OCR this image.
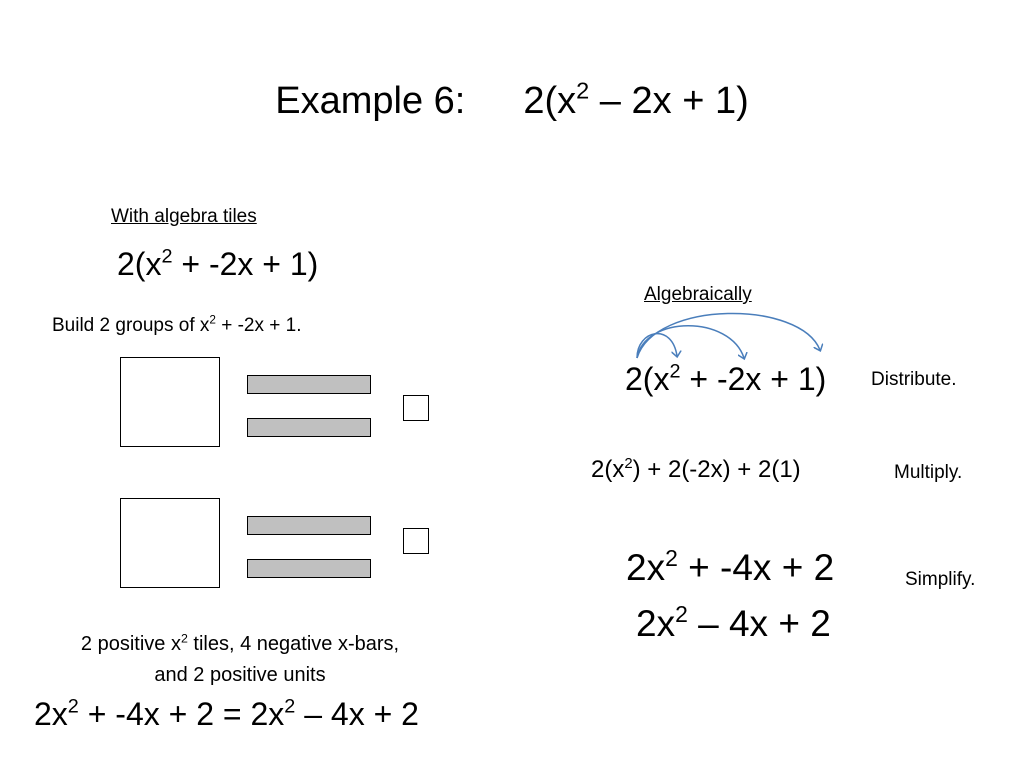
Example 6: $2(x^2 - 2x + 1)$
With algebra tiles
$2(x^2 + -2x + 1)$
Build 2 groups of $x^2 + -2x + 1$.
2 positive $x^2$ tiles, 4 negative x-bars,
and 2 positive units
$2x^2 + -4x + 2 = 2x^2 - 4x + 2$
Algebraically
$2(x^2 + -2x + 1)$ Distribute.
$2(x^2) + 2(-2x) + 2(1)$	Multiply.
$2x^2 + -4x + 2$	Simplify.
$2x^2 - 4x + 2$
